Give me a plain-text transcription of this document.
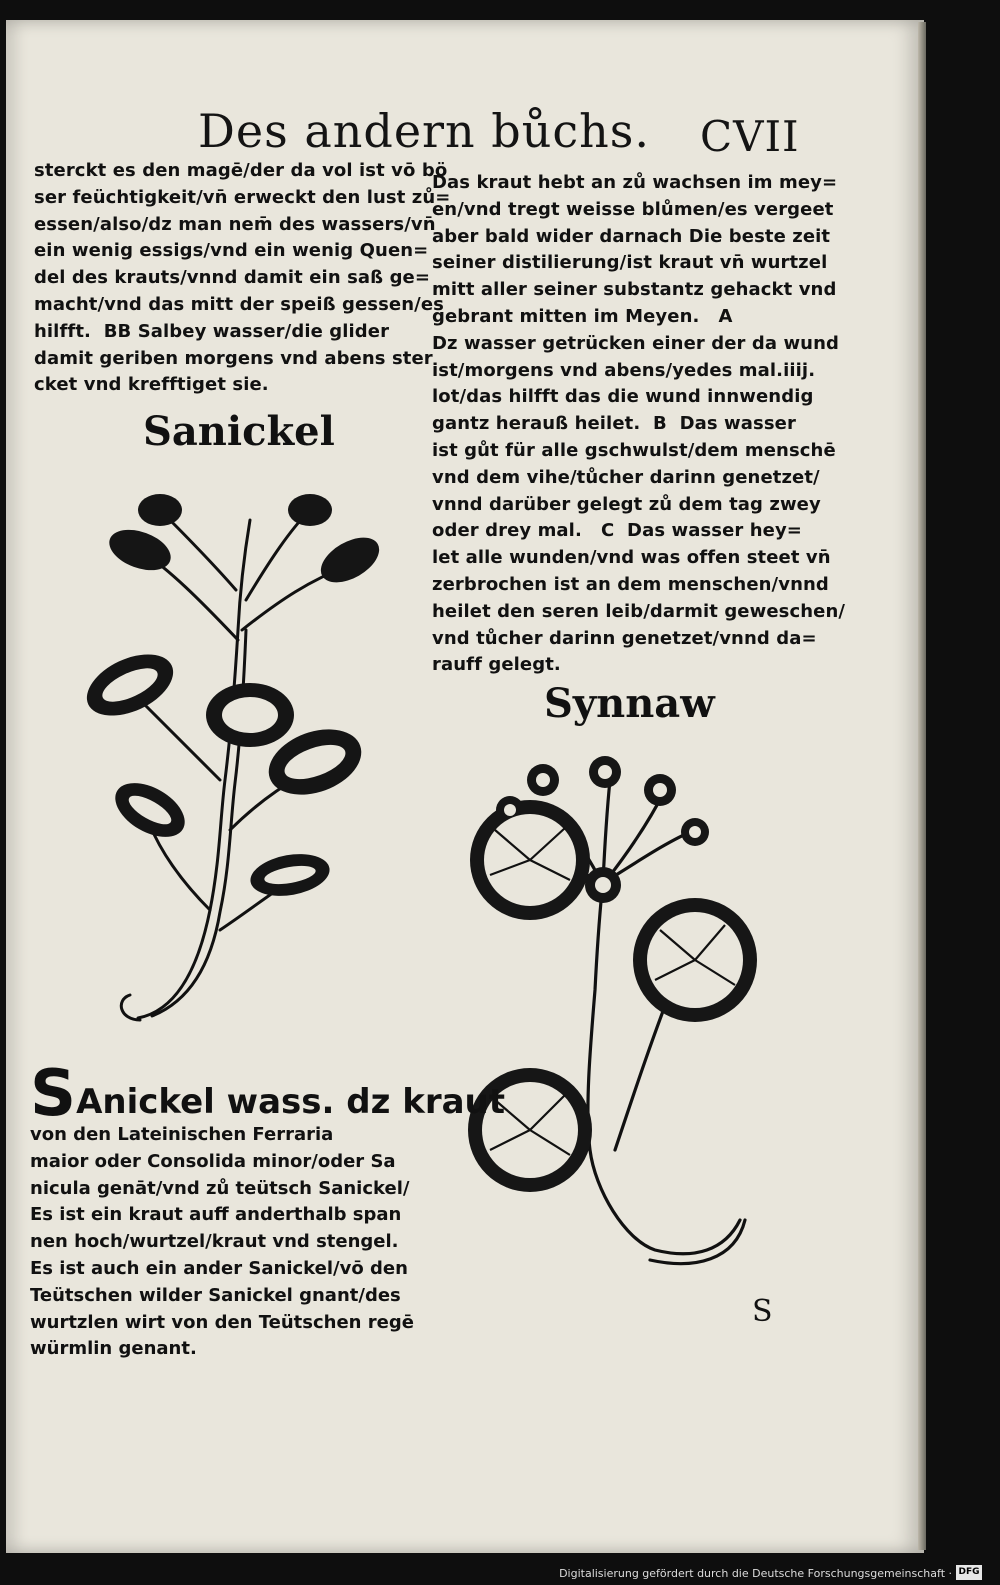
Des andern bůchs. CVII
sterckt es den magē/der da vol ist vō bö
ser feüchtigkeit/vn̄ erweckt den lust zů=
essen/also/dz man nem̄ des wassers/vn̄
ein wenig essigs/vnd ein wenig Quen=
del des krauts/vnnd damit ein saß ge=
macht/vnd das mitt der speiß gessen/es
hilfft.  BB Salbey wasser/die glider
damit geriben morgens vnd abens ster
cket vnd krefftiget sie.
Das kraut hebt an zů wachsen im mey=
en/vnd tregt weisse blůmen/es vergeet
aber bald wider darnach Die beste zeit
seiner distilierung/ist kraut vn̄ wurtzel
mitt aller seiner substantz gehackt vnd
gebrant mitten im Meyen.   A
Dz wasser getrücken einer der da wund
ist/morgens vnd abens/yedes mal.iiij.
lot/das hilfft das die wund innwendig
gantz herauß heilet.  B  Das wasser
ist gůt für alle gschwulst/dem menschē
vnd dem vihe/tůcher darinn genetzet/
vnnd darüber gelegt zů dem tag zwey
oder drey mal.   C  Das wasser hey=
let alle wunden/vnd was offen steet vn̄
zerbrochen ist an dem menschen/vnnd
heilet den seren leib/darmit geweschen/
vnd tůcher darinn genetzet/vnnd da=
rauff gelegt.
Sanickel
Synnaw
SAnickel wass. dz kraut
von den Lateinischen Ferraria
maior oder Consolida minor/oder Sa
nicula genāt/vnd zů teütsch Sanickel/
Es ist ein kraut auff anderthalb span
nen hoch/wurtzel/kraut vnd stengel.
Es ist auch ein ander Sanickel/vō den
Teütschen wilder Sanickel gnant/des
wurtzlen wirt von den Teütschen regē
würmlin genant.
S
Digitalisierung gefördert durch die Deutsche Forschungsgemeinschaft · DFG
